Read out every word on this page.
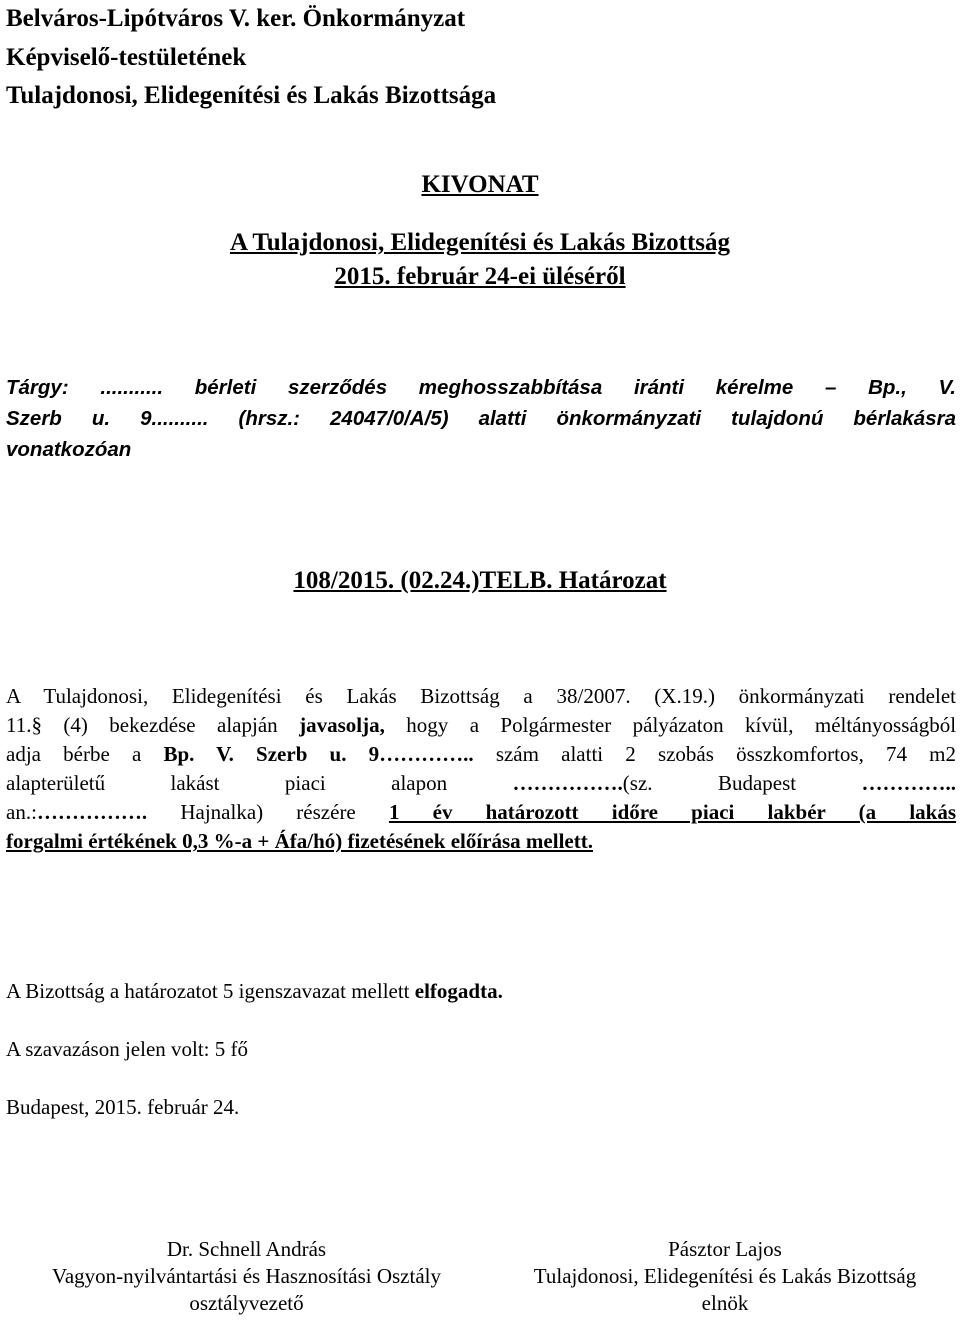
Belváros-Lipótváros V. ker. Önkormányzat
Képviselő-testületének
Tulajdonosi, Elidegenítési és Lakás Bizottsága
KIVONAT
A Tulajdonosi, Elidegenítési és Lakás Bizottság
2015. február 24-ei üléséről
Tárgy: ........... bérleti szerződés meghosszabbítása iránti kérelme – Bp., V.
Szerb u. 9.......... (hrsz.: 24047/0/A/5) alatti önkormányzati tulajdonú bérlakásra
vonatkozóan
108/2015. (02.24.)TELB. Határozat
A Tulajdonosi, Elidegenítési és Lakás Bizottság a 38/2007. (X.19.) önkormányzati rendelet
11.§ (4) bekezdése alapján javasolja, hogy a Polgármester pályázaton kívül, méltányosságból
adja bérbe a Bp. V. Szerb u. 9………….. szám alatti 2 szobás összkomfortos, 74 m2
alapterületű lakást piaci alapon	…………….(sz. Budapest	…………..
an.:……………. Hajnalka) részére 1 év határozott időre piaci lakbér (a lakás
forgalmi értékének 0,3 %-a + Áfa/hó) fizetésének előírása mellett.
A Bizottság a határozatot 5 igenszavazat mellett elfogadta.
A szavazáson jelen volt: 5 fő
Budapest, 2015. február 24.
Dr. Schnell András
Vagyon-nyilvántartási és Hasznosítási Osztály
osztályvezető
Pásztor Lajos
Tulajdonosi, Elidegenítési és Lakás Bizottság
elnök
